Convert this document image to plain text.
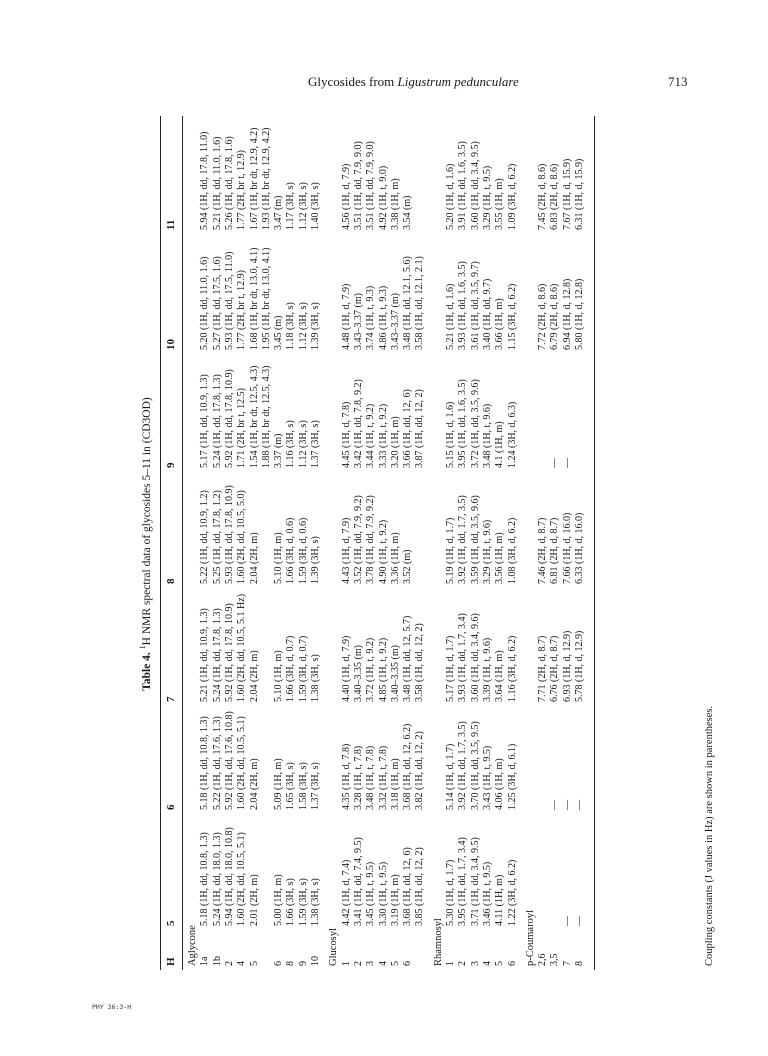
Glycosides from Ligustrum pedunculare	713
Table 4. $^1$H NMR spectral data of glycosides 5–11 in (CD3OD)
H
5
6
7
8
9
10
11
Aglycone 1a
5.18 (1H, dd, 10.8, 1.3)
5.18 (1H, dd, 10.8, 1.3)
5.21 (1H, dd, 10.9, 1.3)
5.22 (1H, dd, 10.9, 1.2)
5.17 (1H, dd, 10.9, 1.3)
5.20 (1H, dd, 11.0, 1.6)
5.94 (1H, dd, 17.8, 11.0)
1b
5.24 (1H, dd, 18.0, 1.3)
5.22 (1H, dd, 17.6, 1.3)
5.24 (1H, dd, 17.8, 1.3)
5.25 (1H, dd, 17.8, 1.2)
5.24 (1H, dd, 17.8, 1.3)
5.27 (1H, dd, 17.5, 1.6)
5.21 (1H, dd, 11.0, 1.6)
2
5.94 (1H, dd, 18.0, 10.8)
5.92 (1H, dd, 17.6, 10.8)
5.92 (1H, dd, 17.8, 10.9)
5.93 (1H, dd, 17.8, 10.9)
5.92 (1H, dd, 17.8, 10.9)
5.93 (1H, dd, 17.5, 11.0)
5.26 (1H, dd, 17.8, 1.6)
4
1.60 (2H, dd, 10.5, 5.1)
1.60 (2H, dd, 10.5, 5.1)
1.60 (2H, dd, 10.5, 5.1 Hz)
1.60 (2H, dd, 10.5, 5.0)
1.71 (2H, br t, 12.5)
1.77 (2H, br t, 12.9)
1.77 (2H, br t, 12.9)
5
2.01 (2H, m)
2.04 (2H, m)
2.04 (2H, m)
2.04 (2H, m)
1.54 (1H, br dt, 12.5, 4.3)
1.68 (1H, br dt, 13.0, 4.1)
1.67 (1H, br dt, 12.9, 4.2)
1.88 (1H, br dt, 12.5, 4.3)
1.95 (1H, br dt, 13.0, 4.1)
1.93 (1H, br dt, 12.9, 4.2)
6
5.00 (1H, m)
5.09 (1H, m)
5.10 (1H, m)
5.10 (1H, m)
3.37 (m)
3.45 (m)
3.47 (m)
8
1.66 (3H, s)
1.65 (3H, s)
1.66 (3H, d, 0.7)
1.66 (3H, d, 0.6)
1.16 (3H, s)
1.18 (3H, s)
1.17 (3H, s)
9
1.59 (3H, s)
1.58 (3H, s)
1.59 (3H, d, 0.7)
1.59 (3H, d, 0.6)
1.12 (3H, s)
1.12 (3H, s)
1.12 (3H, s)
10
1.38 (3H, s)
1.37 (3H, s)
1.38 (3H, s)
1.39 (3H, s)
1.37 (3H, s)
1.39 (3H, s)
1.40 (3H, s)
Glucosyl 1
4.42 (1H, d, 7.4)
4.35 (1H, d, 7.8)
4.40 (1H, d, 7.9)
4.43 (1H, d, 7.9)
4.45 (1H, d, 7.8)
4.48 (1H, d, 7.9)
4.56 (1H, d, 7.9)
2
3.41 (1H, dd, 7.4, 9.5)
3.28 (1H, t, 7.8)
3.40–3.35 (m)
3.52 (1H, dd, 7.9, 9.2)
3.42 (1H, dd, 7.8, 9.2)
3.43–3.37 (m)
3.51 (1H, dd, 7.9, 9.0)
3
3.45 (1H, t, 9.5)
3.48 (1H, t, 7.8)
3.72 (1H, t, 9.2)
3.78 (1H, dd, 7.9, 9.2)
3.44 (1H, t, 9.2)
3.74 (1H, t, 9.3)
3.51 (1H, dd, 7.9, 9.0)
4
3.30 (1H, t, 9.5)
3.32 (1H, t, 7.8)
4.85 (1H, t, 9.2)
4.90 (1H, t, 9.2)
3.33 (1H, t, 9.2)
4.86 (1H, t, 9.3)
4.92 (1H, t, 9.0)
5
3.19 (1H, m)
3.18 (1H, m)
3.40–3.35 (m)
3.36 (1H, m)
3.20 (1H, m)
3.43–3.37 (m)
3.38 (1H, m)
6
3.68 (1H, dd, 12, 6)
3.68 (1H, dd, 12, 6.2)
3.48 (1H, dd, 12, 5.7)
3.52 (m)
3.66 (1H, dd, 12, 6)
3.48 (1H, dd, 12.1, 5.6)
3.54 (m)
3.85 (1H, dd, 12, 2)
3.82 (1H, dd, 12, 2)
3.58 (1H, dd, 12, 2)
3.87 (1H, dd, 12, 2)
3.58 (1H, dd, 12.1, 2.1)
Rhamnosyl 1
5.30 (1H, d, 1.7)
5.14 (1H, d, 1.7)
5.17 (1H, d, 1.7)
5.19 (1H, d, 1.7)
5.15 (1H, d, 1.6)
5.21 (1H, d, 1.6)
5.20 (1H, d, 1.6)
2
3.95 (1H, dd, 1.7, 3.4)
3.92 (1H, dd, 1.7, 3.5)
3.93 (1H, dd, 1.7, 3.4)
3.92 (1H, dd, 1.7, 3.5)
3.95 (1H, dd, 1.6, 3.5)
3.93 (1H, dd, 1.6, 3.5)
3.91 (1H, dd, 1.6, 3.5)
3
3.71 (1H, dd, 3.4, 9.5)
3.70 (1H, dd, 3.5, 9.5)
3.60 (1H, dd, 3.4, 9.6)
3.59 (1H, dd, 3.5, 9.6)
3.72 (1H, dd, 3.5, 9.6)
3.61 (1H, dd, 3.5, 9.7)
3.60 (1H, dd, 3.4, 9.5)
4
3.46 (1H, t, 9.5)
3.43 (1H, t, 9.5)
3.39 (1H, t, 9.6)
3.29 (1H, t, 9.6)
3.48 (1H, t, 9.6)
3.40 (1H, dd, 9.7)
3.29 (1H, t, 9.5)
5
4.11 (1H, m)
4.06 (1H, m)
3.64 (1H, m)
3.56 (1H, m)
4.1 (1H, m)
3.66 (1H, m)
3.55 (1H, m)
6
1.22 (3H, d, 6.2)
1.25 (3H, d, 6.1)
1.16 (3H, d, 6.2)
1.08 (3H, d, 6.2)
1.24 (3H, d, 6.3)
1.15 (3H, d, 6.2)
1.09 (3H, d, 6.2)
p-Coumaroyl 2,6
7.71 (2H, d, 8.7)
7.46 (2H, d, 8.7)
7.72 (2H, d, 8.6)
7.45 (2H, d, 8.6)
3,5
—
6.76 (2H, d, 8.7)
6.81 (2H, d, 8.7)
—
6.79 (2H, d, 8.6)
6.83 (2H, d, 8.6)
7
—
—
6.93 (1H, d, 12.9)
7.66 (1H, d, 16.0)
—
6.94 (1H, d, 12.8)
7.67 (1H, d, 15.9)
8
—
—
5.78 (1H, d, 12.9)
6.33 (1H, d, 16.0)
5.80 (1H, d, 12.8)
6.31 (1H, d, 15.9)
Coupling constants (J values in Hz) are shown in parentheses.
PHY 36:3-H
